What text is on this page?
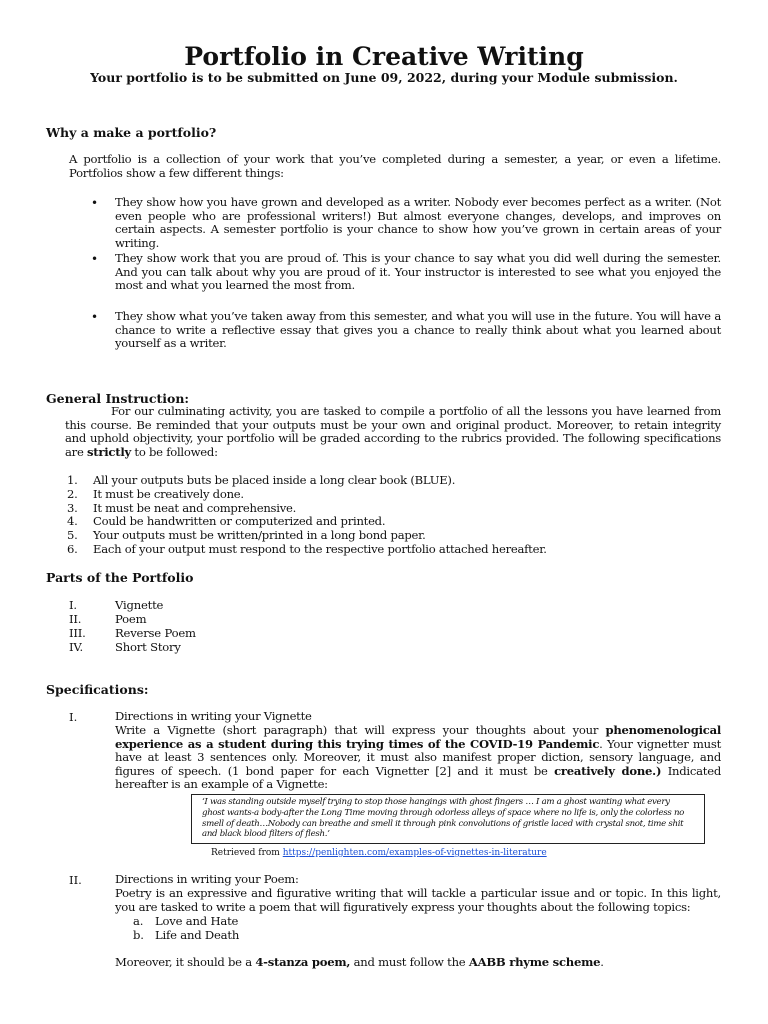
Portfolio in Creative Writing
Your portfolio is to be submitted on June 09, 2022, during your Module submission.
Why a make a portfolio?
A portfolio is a collection of your work that you’ve completed during a semester, a year, or even a lifetime. Portfolios show a few different things:
• They show how you have grown and developed as a writer. Nobody ever becomes perfect as a writer. (Not even people who are professional writers!) But almost everyone changes, develops, and improves on certain aspects. A semester portfolio is your chance to show how you’ve grown in certain areas of your writing.
• They show work that you are proud of. This is your chance to say what you did well during the semester. And you can talk about why you are proud of it. Your instructor is interested to see what you enjoyed the most and what you learned the most from.
• They show what you’ve taken away from this semester, and what you will use in the future. You will have a chance to write a reflective essay that gives you a chance to really think about what you learned about yourself as a writer.
General Instruction:
For our culminating activity, you are tasked to compile a portfolio of all the lessons you have learned from this course. Be reminded that your outputs must be your own and original product. Moreover, to retain integrity and uphold objectivity, your portfolio will be graded according to the rubrics provided. The following specifications are strictly to be followed:
1. All your outputs buts be placed inside a long clear book (BLUE).
2. It must be creatively done.
3. It must be neat and comprehensive.
4. Could be handwritten or computerized and printed.
5. Your outputs must be written/printed in a long bond paper.
6. Each of your output must respond to the respective portfolio attached hereafter.
Parts of the Portfolio
I.	Vignette
II.	Poem
III.	Reverse Poem
IV.	Short Story
Specifications:
I.	Directions in writing your Vignette
Write a Vignette (short paragraph) that will express your thoughts about your phenomenological experience as a student during this trying times of the COVID-19 Pandemic. Your vignetter must have at least 3 sentences only. Moreover, it must also manifest proper diction, sensory language, and figures of speech. (1 bond paper for each Vignetter [2] and it must be creatively done.) Indicated hereafter is an example of a Vignette:
‘I was standing outside myself trying to stop those hangings with ghost fingers … I am a ghost wanting what every ghost wants-a body-after the Long Time moving through odorless alleys of space where no life is, only the colorless no smell of death…Nobody can breathe and smell it through pink convolutions of gristle laced with crystal snot, time shit and black blood filters of flesh.’
Retrieved from https://penlighten.com/examples-of-vignettes-in-literature
II.	Directions in writing your Poem:
Poetry is an expressive and figurative writing that will tackle a particular issue and or topic. In this light, you are tasked to write a poem that will figuratively express your thoughts about the following topics:
a. Love and Hate
b. Life and Death
Moreover, it should be a 4-stanza poem, and must follow the AABB rhyme scheme.
